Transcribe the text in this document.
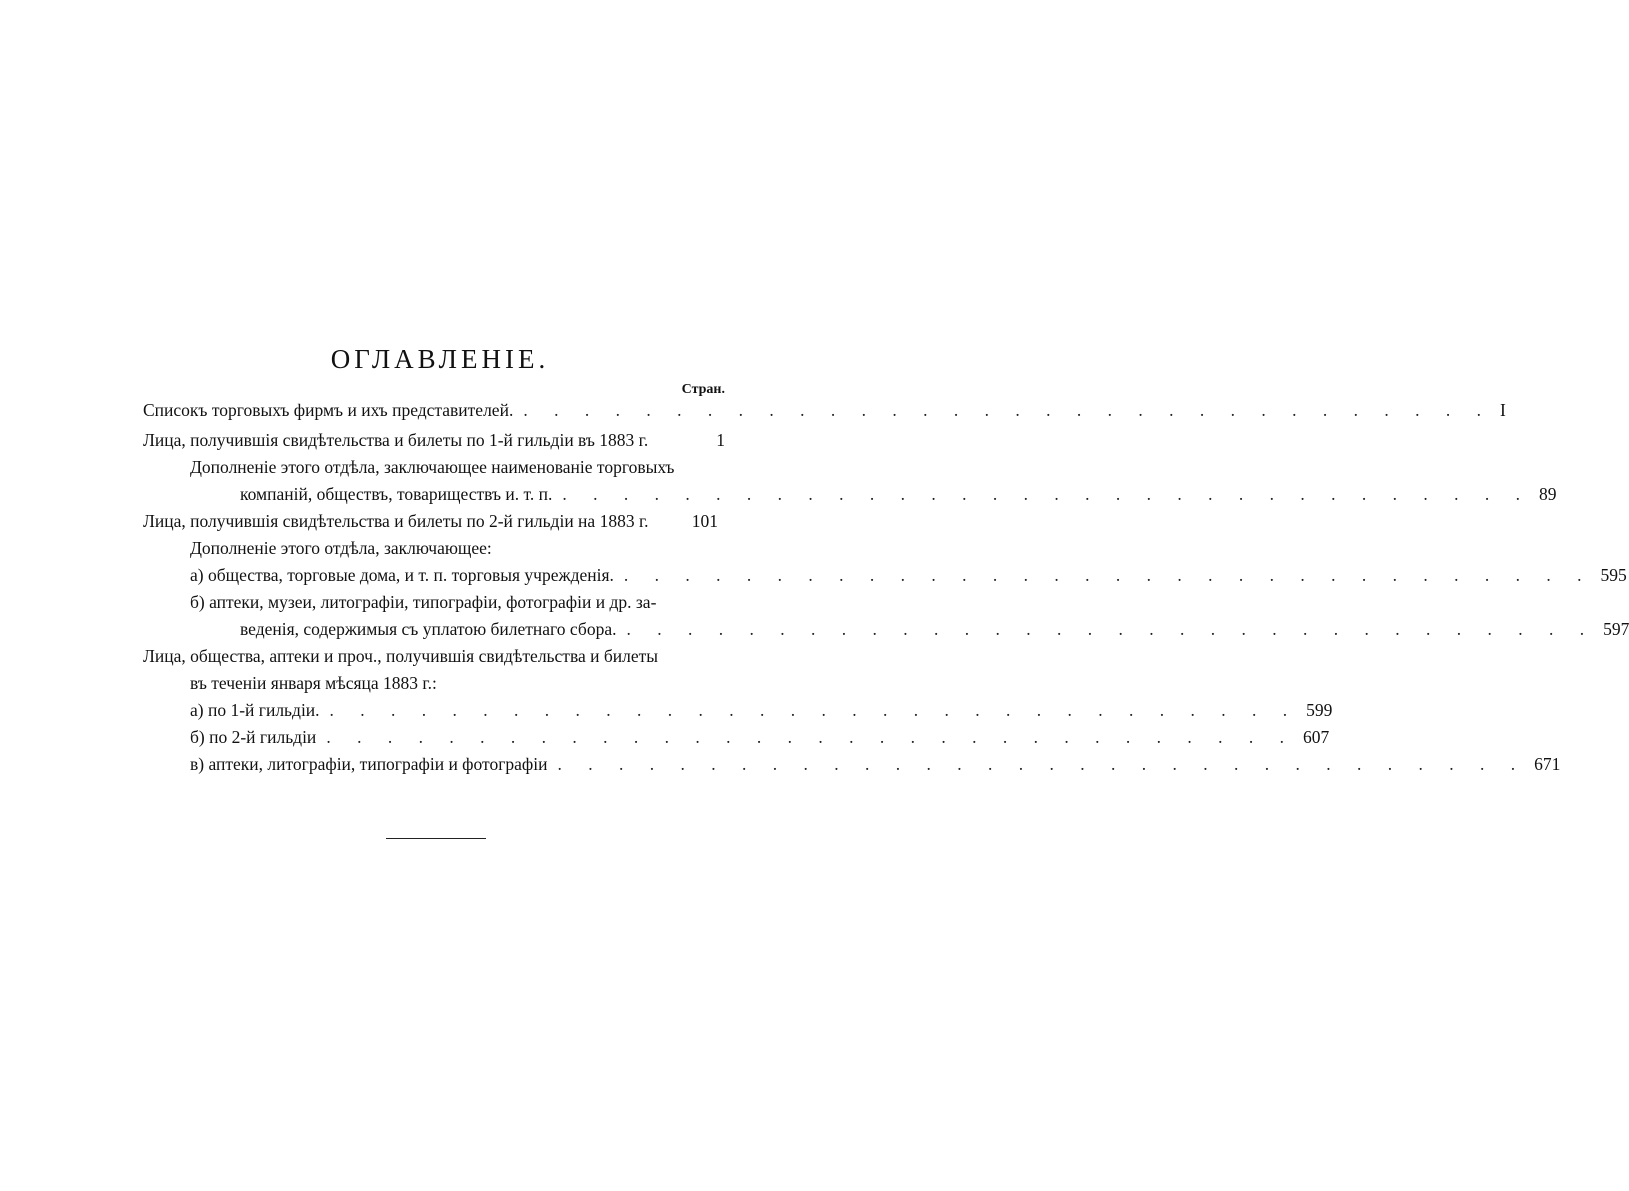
ОГЛАВЛЕНІЕ.
Стран.
Списокъ торговыхъ фирмъ и ихъ представителей. . . . . . . . . . . . . . . . . . . . . . . . . . . . . . . . . I
Лица, получившія свидѣтельства и билеты по 1-й гильдіи въ 1883 г.	1
Дополненіе этого отдѣла, заключающее наименованіе торговыхъ
компаній, обществъ, товариществъ и. т. п. . . . . . . . . . . . . . . . . . . . . . . . . . . . . . . . . 89
Лица, получившія свидѣтельства и билеты по 2-й гильдіи на 1883 г.	101
Дополненіе этого отдѣла, заключающее:
а) общества, торговые дома, и т. п. торговыя учрежденія. . . . . . . . . . . . . . . . . . . . . . . . . . . . . . . . . 595
б) аптеки, музеи, литографіи, типографіи, фотографіи и др. за-
веденія, содержимыя съ уплатою билетнаго сбора. . . . . . . . . . . . . . . . . . . . . . . . . . . . . . . . . 597
Лица, общества, аптеки и проч., получившія свидѣтельства и билеты
въ теченіи января мѣсяца 1883 г.:
а) по 1-й гильдіи. . . . . . . . . . . . . . . . . . . . . . . . . . . . . . . . . 599
б) по 2-й гильдіи . . . . . . . . . . . . . . . . . . . . . . . . . . . . . . . . 607
в) аптеки, литографіи, типографіи и фотографіи . . . . . . . . . . . . . . . . . . . . . . . . . . . . . . . . 671
